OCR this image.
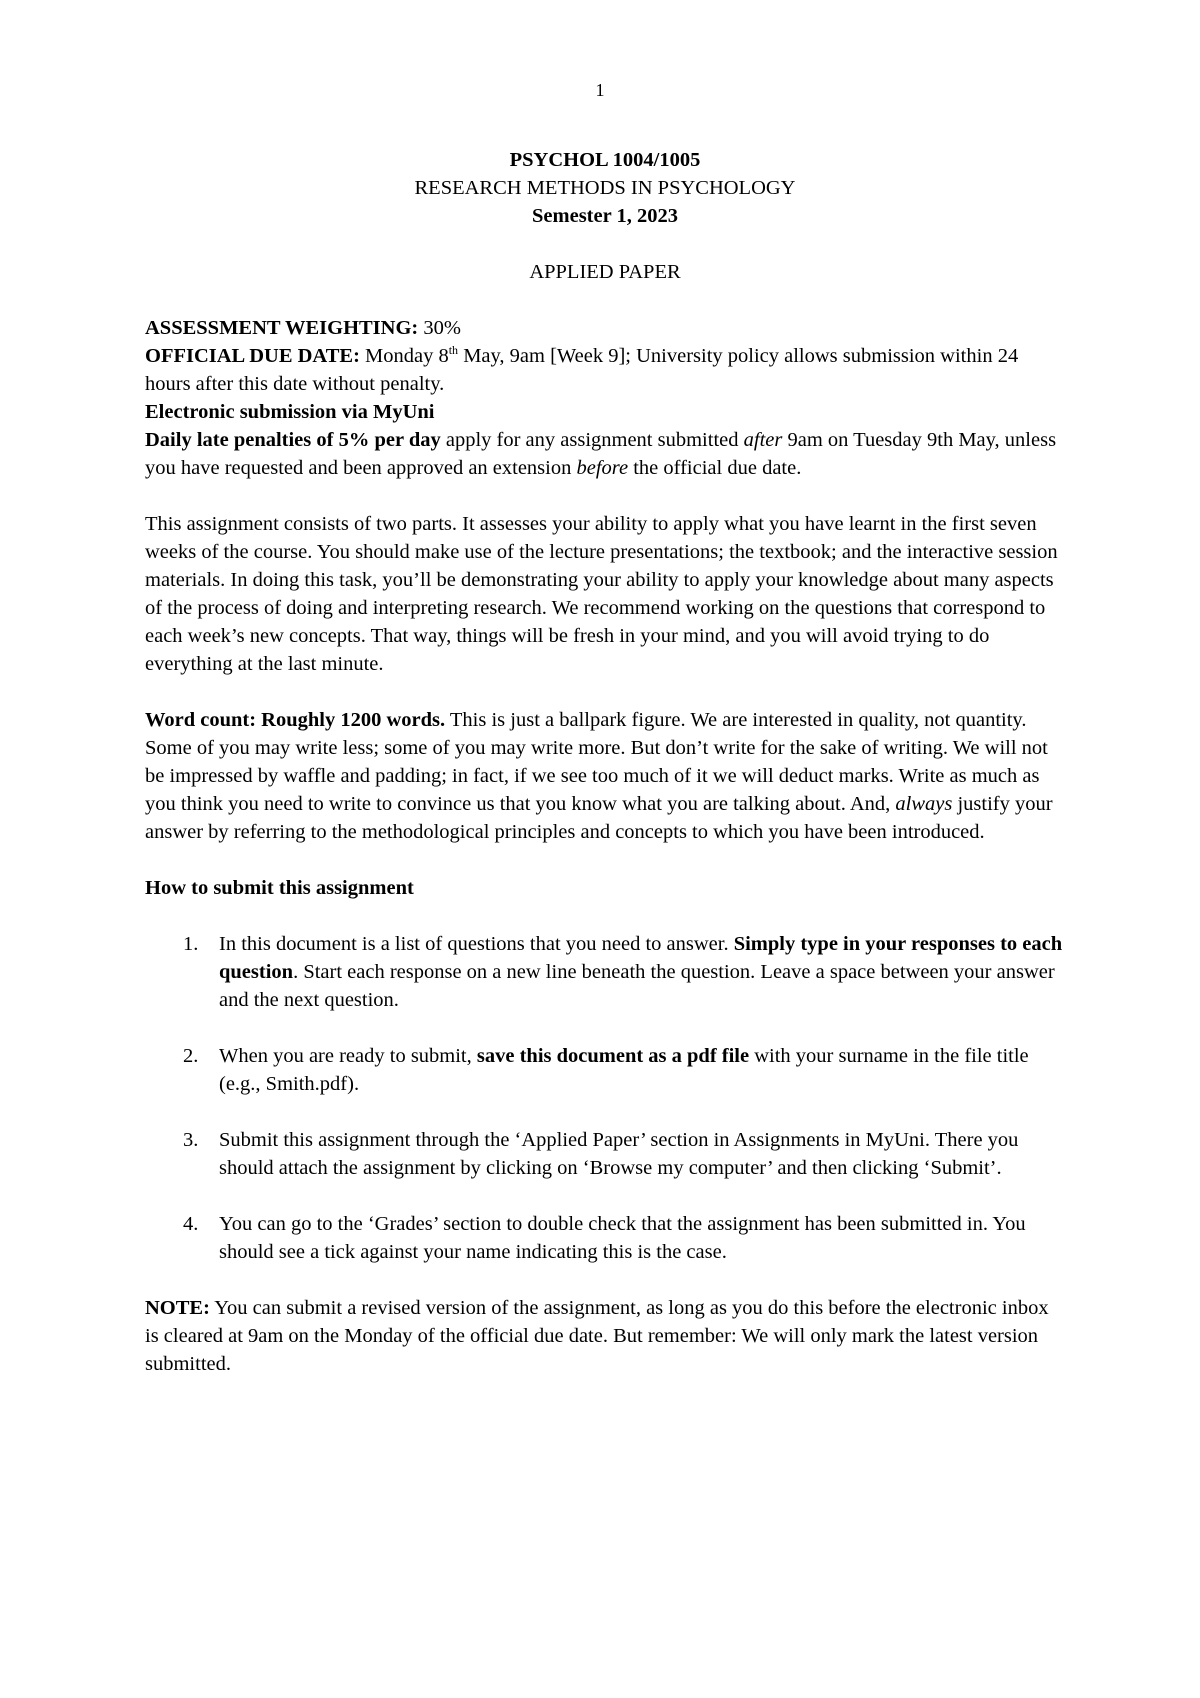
1

PSYCHOL 1004/1005

RESEARCH METHODS IN PSYCHOLOGY

Semester 1, 2023

APPLIED PAPER

ASSESSMENT WEIGHTING: 30%

OFFICIAL DUE DATE: Monday 8th May, 9am [Week 9]; University policy allows submission within 24 hours after this date without penalty.

Electronic submission via MyUni

Daily late penalties of 5% per day apply for any assignment submitted after 9am on Tuesday 9th May, unless you have requested and been approved an extension before the official due date.

This assignment consists of two parts. It assesses your ability to apply what you have learnt in the first seven weeks of the course. You should make use of the lecture presentations; the textbook; and the interactive session materials. In doing this task, you’ll be demonstrating your ability to apply your knowledge about many aspects of the process of doing and interpreting research. We recommend working on the questions that correspond to each week’s new concepts. That way, things will be fresh in your mind, and you will avoid trying to do everything at the last minute.

Word count: Roughly 1200 words. This is just a ballpark figure. We are interested in quality, not quantity. Some of you may write less; some of you may write more. But don’t write for the sake of writing. We will not be impressed by waffle and padding; in fact, if we see too much of it we will deduct marks. Write as much as you think you need to write to convince us that you know what you are talking about. And, always justify your answer by referring to the methodological principles and concepts to which you have been introduced.

How to submit this assignment

1. In this document is a list of questions that you need to answer. Simply type in your responses to each question. Start each response on a new line beneath the question. Leave a space between your answer and the next question.
2. When you are ready to submit, save this document as a pdf file with your surname in the file title (e.g., Smith.pdf).
3. Submit this assignment through the ‘Applied Paper’ section in Assignments in MyUni. There you should attach the assignment by clicking on ‘Browse my computer’ and then clicking ‘Submit’.
4. You can go to the ‘Grades’ section to double check that the assignment has been submitted in. You should see a tick against your name indicating this is the case.

NOTE: You can submit a revised version of the assignment, as long as you do this before the electronic inbox is cleared at 9am on the Monday of the official due date. But remember: We will only mark the latest version submitted.
